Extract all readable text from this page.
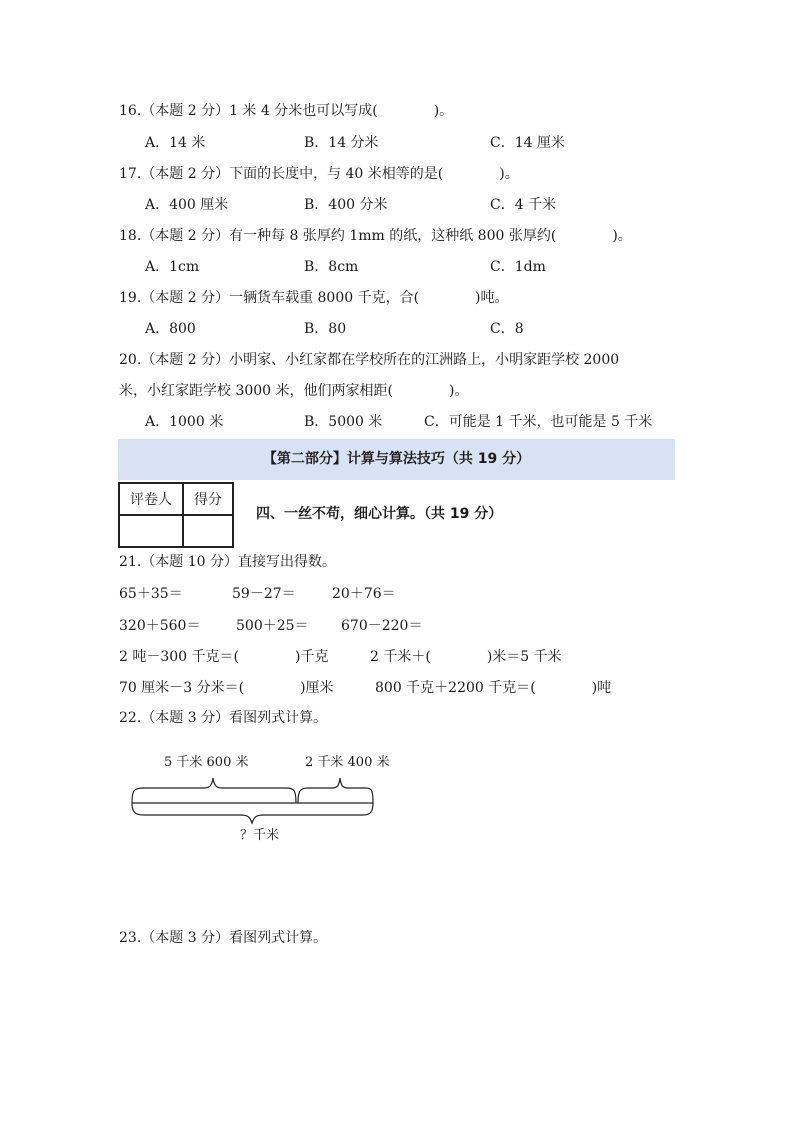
16.（本题 2 分）1 米 4 分米也可以写成(　　　　)。
A．14 米	B．14 分米	C．14 厘米
17.（本题 2 分）下面的长度中，与 40 米相等的是(　　　　)。
A．400 厘米	B．400 分米	C．4 千米
18.（本题 2 分）有一种每 8 张厚约 1mm 的纸，这种纸 800 张厚约(　　　　)。
A．1cm	B．8cm	C．1dm
19.（本题 2 分）一辆货车载重 8000 千克，合(　　　　)吨。
A．800	B．80	C．8
20.（本题 2 分）小明家、小红家都在学校所在的江洲路上，小明家距学校 2000
米，小红家距学校 3000 米，他们两家相距(　　　　)。
A．1000 米	B．5000 米	C．可能是 1 千米，也可能是 5 千米
【第二部分】计算与算法技巧（共 19 分）
评卷人	得分

四、一丝不苟，细心计算。（共 19 分）
21.（本题 10 分）直接写出得数。
65＋35＝	59－27＝	20＋76＝
320＋560＝	500＋25＝ 670－220＝
2 吨－300 千克＝(　　　　)千克	2 千米＋(　　　　)米＝5 千米
70 厘米－3 分米＝(　　　　)厘米	800 千克＋2200 千克＝(　　　　)吨
22.（本题 3 分）看图列式计算。
5 千米 600 米	2 千米 400 米
？千米
23.（本题 3 分）看图列式计算。
